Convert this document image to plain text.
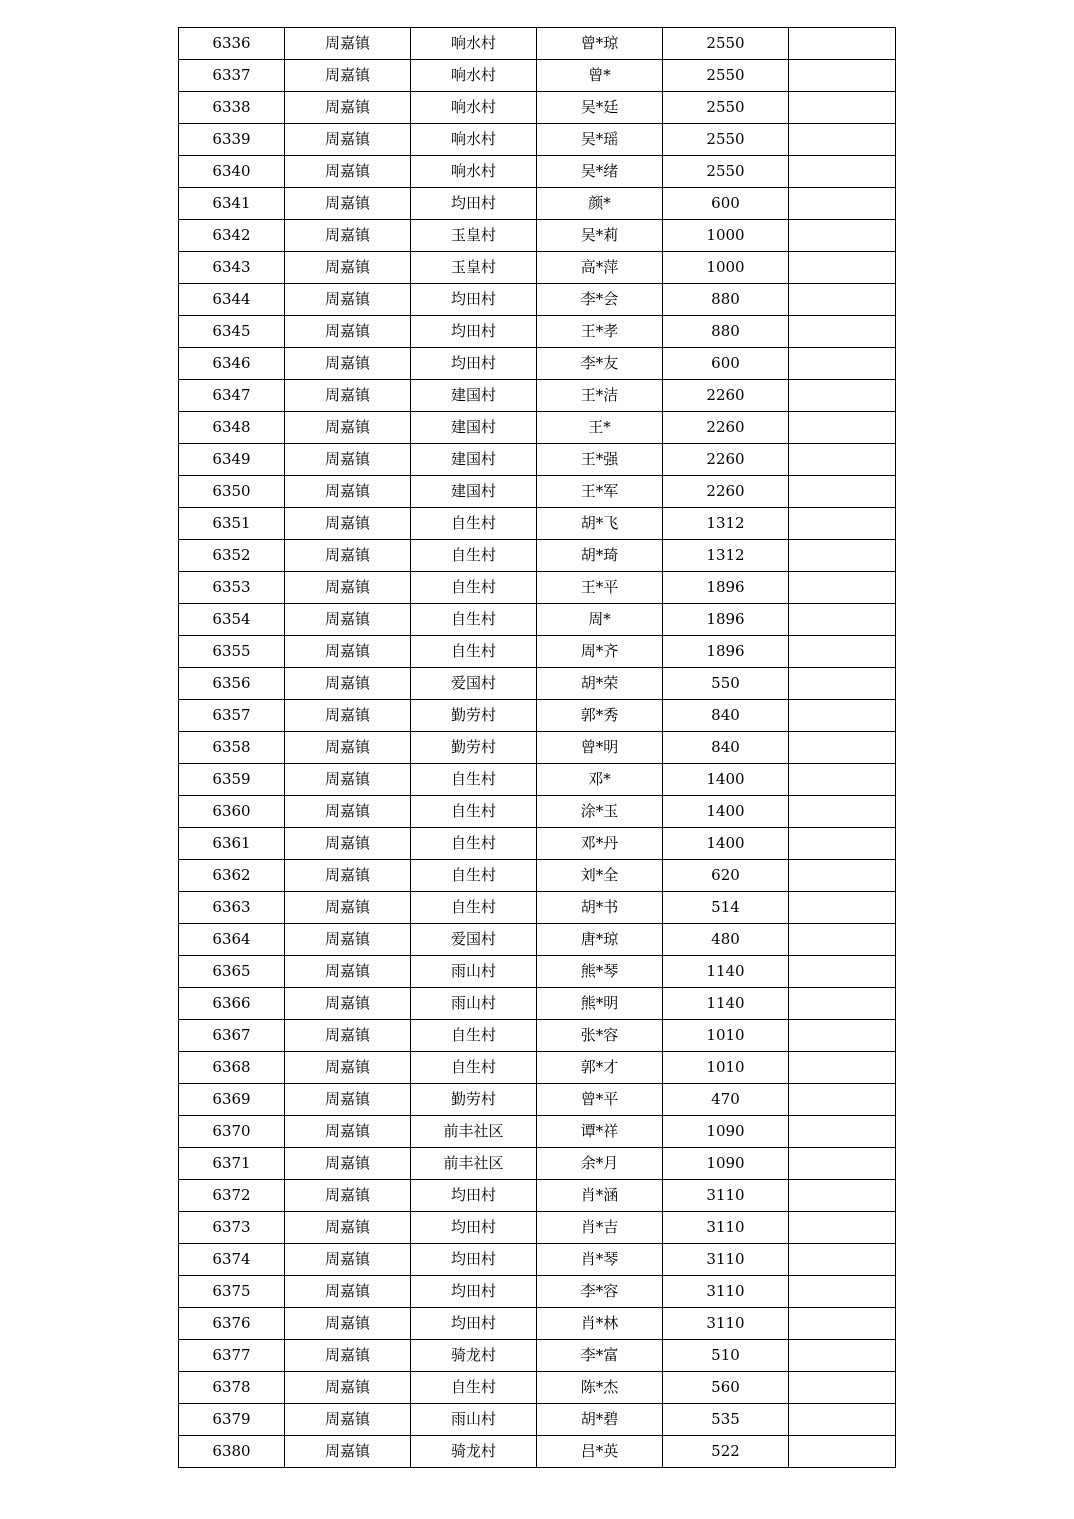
6336	周嘉镇	响水村	曾*琼	2550	
6337	周嘉镇	响水村	曾*	2550	
6338	周嘉镇	响水村	吴*廷	2550	
6339	周嘉镇	响水村	吴*瑶	2550	
6340	周嘉镇	响水村	吴*绪	2550	
6341	周嘉镇	均田村	颜*	600	
6342	周嘉镇	玉皇村	吴*莉	1000	
6343	周嘉镇	玉皇村	高*萍	1000	
6344	周嘉镇	均田村	李*会	880	
6345	周嘉镇	均田村	王*孝	880	
6346	周嘉镇	均田村	李*友	600	
6347	周嘉镇	建国村	王*洁	2260	
6348	周嘉镇	建国村	王*	2260	
6349	周嘉镇	建国村	王*强	2260	
6350	周嘉镇	建国村	王*军	2260	
6351	周嘉镇	自生村	胡*飞	1312	
6352	周嘉镇	自生村	胡*琦	1312	
6353	周嘉镇	自生村	王*平	1896	
6354	周嘉镇	自生村	周*	1896	
6355	周嘉镇	自生村	周*齐	1896	
6356	周嘉镇	爱国村	胡*荣	550	
6357	周嘉镇	勤劳村	郭*秀	840	
6358	周嘉镇	勤劳村	曾*明	840	
6359	周嘉镇	自生村	邓*	1400	
6360	周嘉镇	自生村	涂*玉	1400	
6361	周嘉镇	自生村	邓*丹	1400	
6362	周嘉镇	自生村	刘*全	620	
6363	周嘉镇	自生村	胡*书	514	
6364	周嘉镇	爱国村	唐*琼	480	
6365	周嘉镇	雨山村	熊*琴	1140	
6366	周嘉镇	雨山村	熊*明	1140	
6367	周嘉镇	自生村	张*容	1010	
6368	周嘉镇	自生村	郭*才	1010	
6369	周嘉镇	勤劳村	曾*平	470	
6370	周嘉镇	前丰社区	谭*祥	1090	
6371	周嘉镇	前丰社区	余*月	1090	
6372	周嘉镇	均田村	肖*涵	3110	
6373	周嘉镇	均田村	肖*吉	3110	
6374	周嘉镇	均田村	肖*琴	3110	
6375	周嘉镇	均田村	李*容	3110	
6376	周嘉镇	均田村	肖*林	3110	
6377	周嘉镇	骑龙村	李*富	510	
6378	周嘉镇	自生村	陈*杰	560	
6379	周嘉镇	雨山村	胡*碧	535	
6380	周嘉镇	骑龙村	吕*英	522	
